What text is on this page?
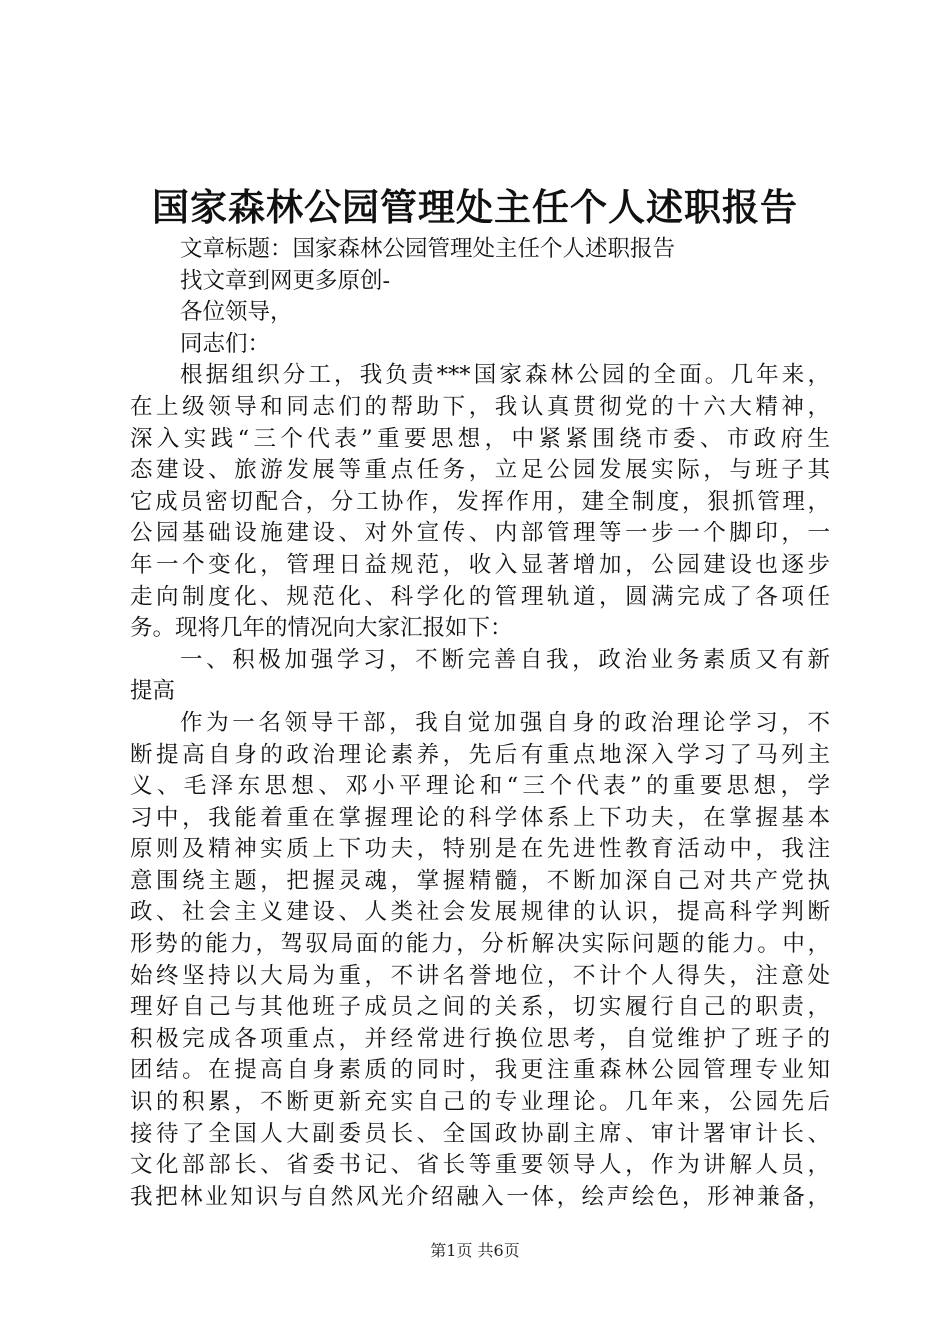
国家森林公园管理处主任个人述职报告
文章标题：国家森林公园管理处主任个人述职报告
找文章到网更多原创-
各位领导，
同志们：
根据组织分工，我负责***国家森林公园的全面。几年来，
在上级领导和同志们的帮助下，我认真贯彻党的十六大精神，
深入实践“三个代表”重要思想，中紧紧围绕市委、市政府生
态建设、旅游发展等重点任务，立足公园发展实际，与班子其
它成员密切配合，分工协作，发挥作用，建全制度，狠抓管理，
公园基础设施建设、对外宣传、内部管理等一步一个脚印，一
年一个变化，管理日益规范，收入显著增加，公园建设也逐步
走向制度化、规范化、科学化的管理轨道，圆满完成了各项任
务。现将几年的情况向大家汇报如下：
一、积极加强学习，不断完善自我，政治业务素质又有新
提高
作为一名领导干部，我自觉加强自身的政治理论学习，不
断提高自身的政治理论素养，先后有重点地深入学习了马列主
义、毛泽东思想、邓小平理论和“三个代表”的重要思想，学
习中，我能着重在掌握理论的科学体系上下功夫，在掌握基本
原则及精神实质上下功夫，特别是在先进性教育活动中，我注
意围绕主题，把握灵魂，掌握精髓，不断加深自己对共产党执
政、社会主义建设、人类社会发展规律的认识，提高科学判断
形势的能力，驾驭局面的能力，分析解决实际问题的能力。中，
始终坚持以大局为重，不讲名誉地位，不计个人得失，注意处
理好自己与其他班子成员之间的关系，切实履行自己的职责，
积极完成各项重点，并经常进行换位思考，自觉维护了班子的
团结。在提高自身素质的同时，我更注重森林公园管理专业知
识的积累，不断更新充实自己的专业理论。几年来，公园先后
接待了全国人大副委员长、全国政协副主席、审计署审计长、
文化部部长、省委书记、省长等重要领导人，作为讲解人员，
我把林业知识与自然风光介绍融入一体，绘声绘色，形神兼备，
第1页 共6页
